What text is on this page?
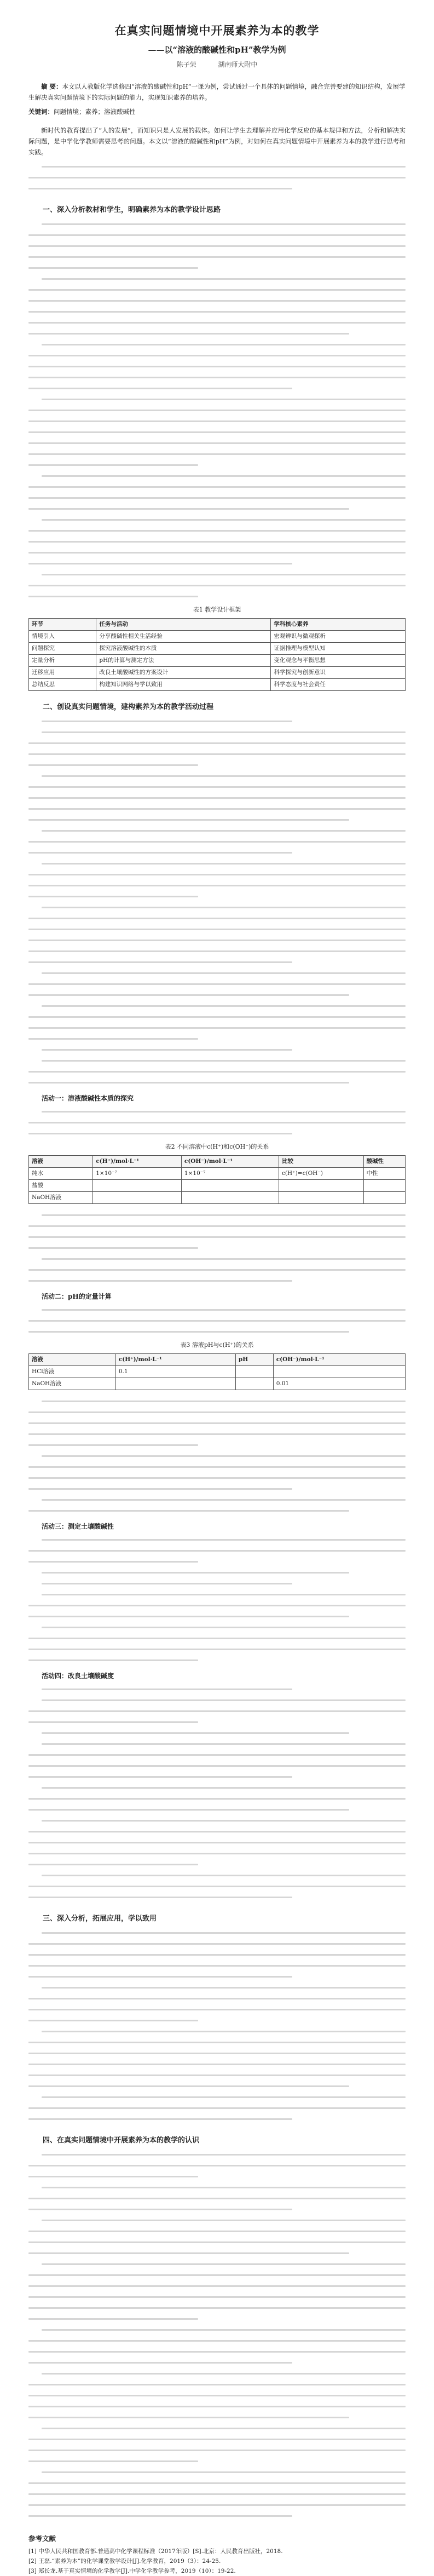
在真实问题情境中开展素养为本的教学
——以“溶液的酸碱性和pH”教学为例
陈子荣	湖南师大附中
摘 要：本文以人教版化学选修四“溶液的酸碱性和pH”一课为例，尝试通过一个具体的问题情境，融合完善要建的知识结构，发展学生解决真实问题情境下的实际问题的能力，实现知识素养的培养。
关键词：问题情境；素养；溶液酸碱性

新时代的教育提出了“人的发展”，而知识只是人发展的载体。如何让学生去理解并应用化学反应的基本规律和方法，分析和解决实际问题，是中学化学教师需要思考的问题。本文以“溶液的酸碱性和pH”为例，对如何在真实问题情境中开展素养为本的教学进行思考和实践。

一、深入分析教材和学生，明确素养为本的教学设计思路
表1 教学设计框架
环节	任务与活动	学科核心素养
情境引入	分享酸碱性相关生活经验	宏观辨识与微观探析
问题探究	探究溶液酸碱性的本质	证据推理与模型认知
定量分析	pH的计算与测定方法	变化观念与平衡思想
迁移应用	改良土壤酸碱性的方案设计	科学探究与创新意识
总结反思	构建知识网络与学以致用	科学态度与社会责任
二、创设真实问题情境，建构素养为本的教学活动过程
活动一：溶液酸碱性本质的探究
表2 不同溶液中c(H⁺)和c(OH⁻)的关系
溶液	c(H⁺)/mol·L⁻¹	c(OH⁻)/mol·L⁻¹	比较	酸碱性
纯水	1×10⁻⁷	1×10⁻⁷	c(H⁺)=c(OH⁻)	中性
盐酸				
NaOH溶液				
活动二：pH的定量计算
表3 溶液pH与c(H⁺)的关系
溶液	c(H⁺)/mol·L⁻¹	pH	c(OH⁻)/mol·L⁻¹
HCl溶液	0.1		
NaOH溶液			0.01
活动三：测定土壤酸碱性
活动四：改良土壤酸碱度
三、深入分析，拓展应用，学以致用
四、在真实问题情境中开展素养为本的教学的认识
参考文献

[1] 中华人民共和国教育部.普通高中化学课程标准（2017年版）[S].北京：人民教育出版社，2018.

[2] 王磊.“素养为本”的化学课堂教学设计[J].化学教育，2019（3）：24-25.

[3] 郑长龙.基于真实情境的化学教学[J].中学化学教学参考，2019（10）：19-22.
